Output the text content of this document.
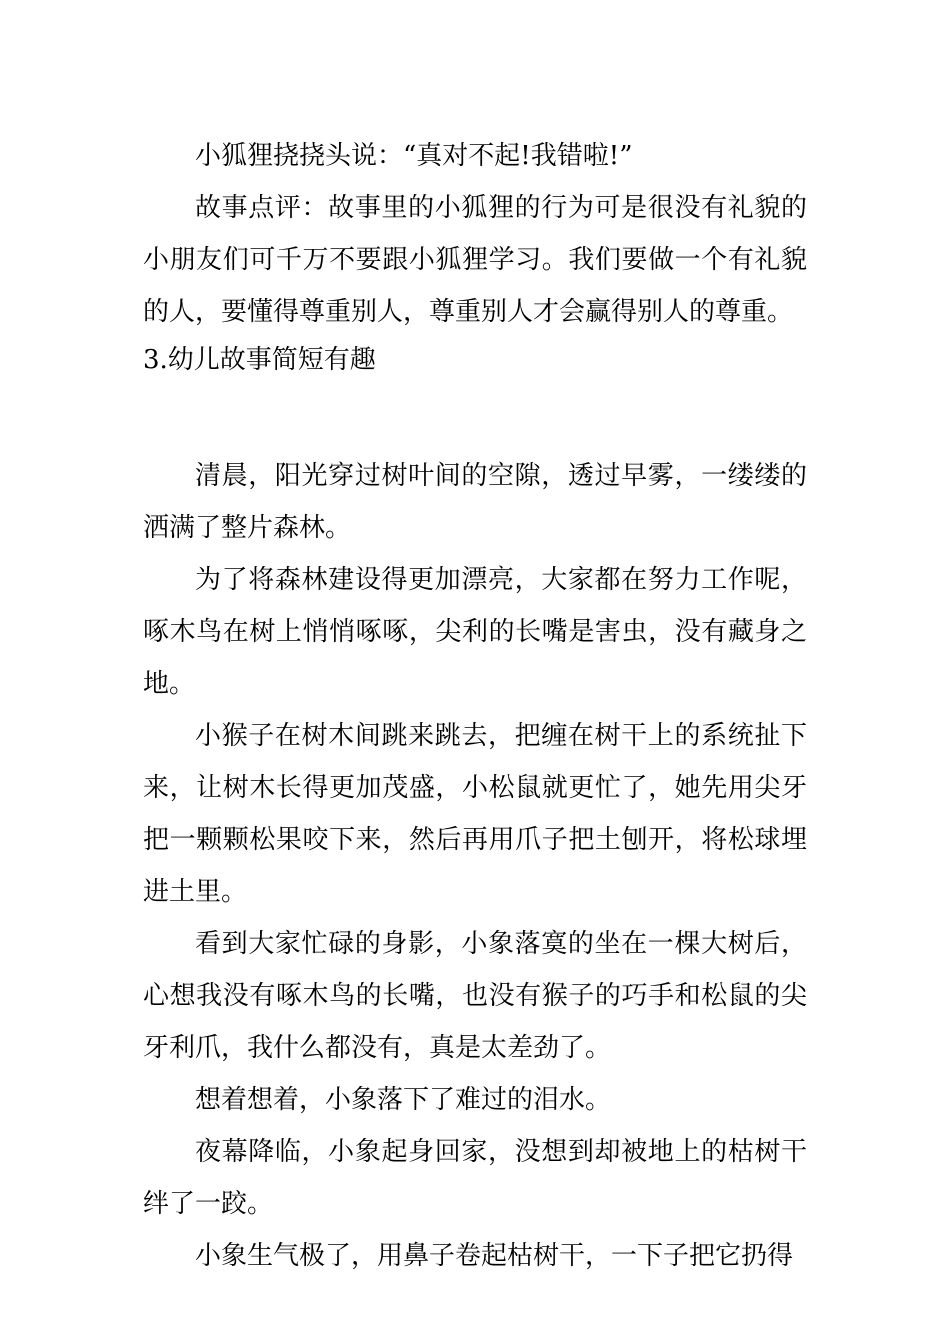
小狐狸挠挠头说：“真对不起!我错啦!”

故事点评：故事里的小狐狸的行为可是很没有礼貌的小朋友们可千万不要跟小狐狸学习。我们要做一个有礼貌的人，要懂得尊重别人，尊重别人才会赢得别人的尊重。

3.幼儿故事简短有趣

清晨，阳光穿过树叶间的空隙，透过早雾，一缕缕的洒满了整片森林。

为了将森林建设得更加漂亮，大家都在努力工作呢，啄木鸟在树上悄悄啄啄，尖利的长嘴是害虫，没有藏身之地。

小猴子在树木间跳来跳去，把缠在树干上的系统扯下来，让树木长得更加茂盛，小松鼠就更忙了，她先用尖牙把一颗颗松果咬下来，然后再用爪子把土刨开，将松球埋进土里。

看到大家忙碌的身影，小象落寞的坐在一棵大树后，心想我没有啄木鸟的长嘴，也没有猴子的巧手和松鼠的尖牙利爪，我什么都没有，真是太差劲了。

想着想着，小象落下了难过的泪水。

夜幕降临，小象起身回家，没想到却被地上的枯树干绊了一跤。

小象生气极了，用鼻子卷起枯树干，一下子把它扔得
